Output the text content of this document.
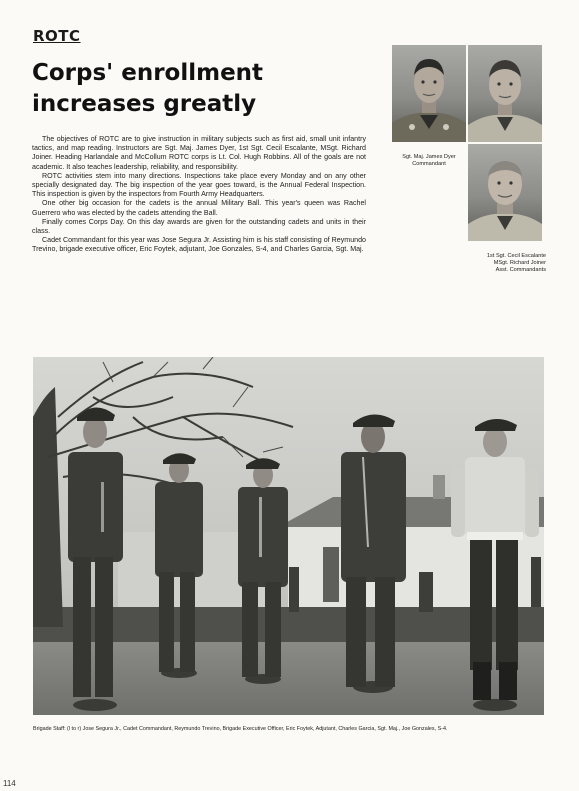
ROTC
Corps' enrollment
increases greatly

The objectives of ROTC are to give instruction in military subjects such as first aid, small unit infantry tactics, and map reading. Instructors are Sgt. Maj. James Dyer, 1st Sgt. Cecil Escalante, MSgt. Richard Joiner. Heading Harlandale and McCollum ROTC corps is Lt. Col. Hugh Robbins. All of the goals are not academic. It also teaches leadership, reliability, and responsibility.

ROTC activities stem into many directions. Inspections take place every Monday and on any other specially designated day. The big inspection of the year goes toward, is the Annual Federal Inspection. This inspection is given by the inspectors from Fourth Army Headquarters.

One other big occasion for the cadets is the annual Military Ball. This year's queen was Rachel Guerrero who was elected by the cadets attending the Ball.

Finally comes Corps Day. On this day awards are given for the outstanding cadets and units in their class.

Cadet Commandant for this year was Jose Segura Jr. Assisting him is his staff consisting of Reymundo Trevino, brigade executive officer, Eric Foytek, adjutant, Joe Gonzales, S-4, and Charles Garcia, Sgt. Maj.

Sgt. Maj. James Dyer
Commandant
1st Sgt. Cecil Escalante
MSgt. Richard Joiner
Asst. Commandants
Brigade Staff: (l to r) Jose Segura Jr., Cadet Commandant, Reymundo Trevino, Brigade Executive Officer, Eric Foytek, Adjutant, Charles Garcia, Sgt. Maj., Joe Gonzales, S-4.
114
